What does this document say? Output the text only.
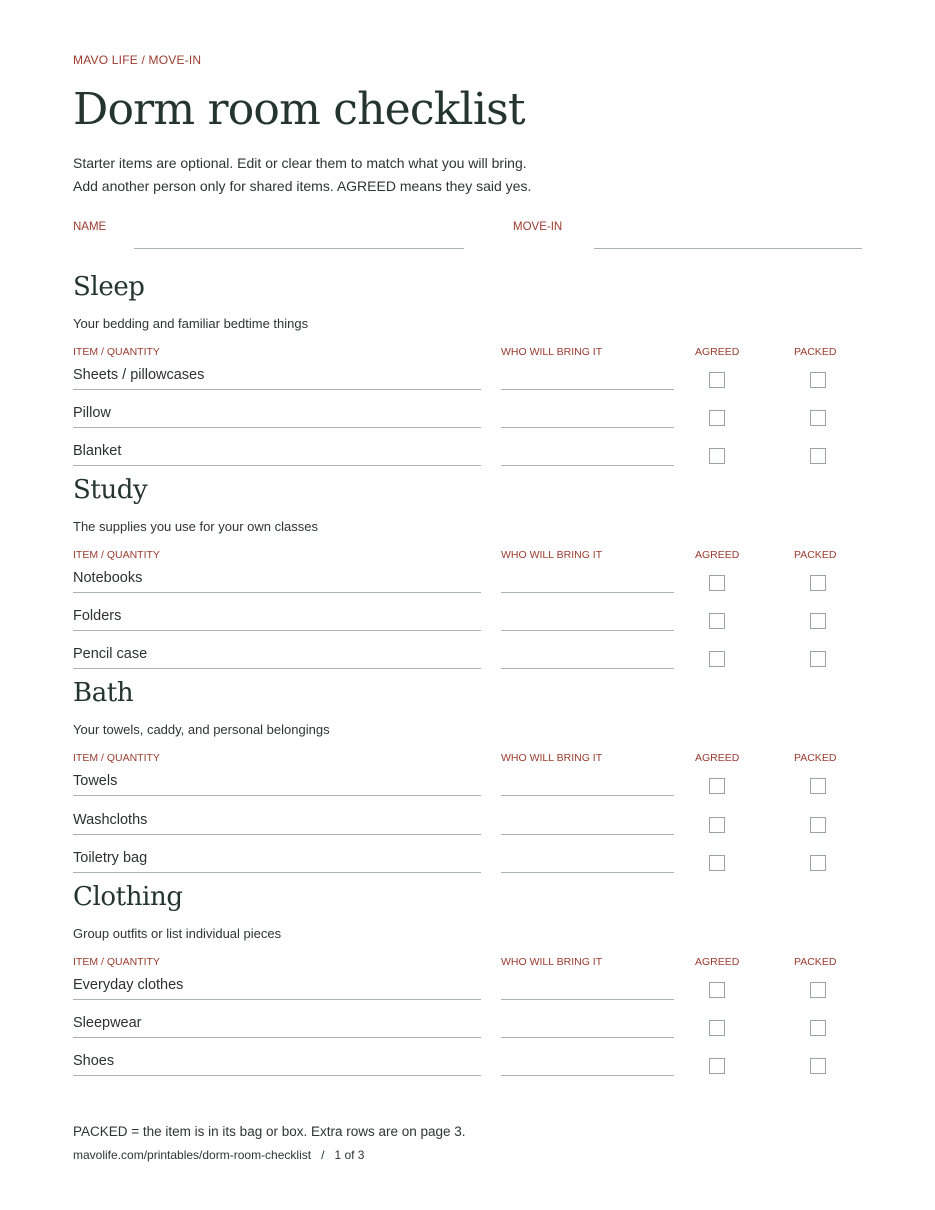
MAVO LIFE / MOVE-IN
Dorm room checklist
Starter items are optional. Edit or clear them to match what you will bring.
Add another person only for shared items. AGREED means they said yes.
NAME	MOVE-IN
Sleep
Your bedding and familiar bedtime things
ITEM / QUANTITY	WHO WILL BRING IT	AGREED	PACKED
Sheets / pillowcases
Pillow
Blanket
Study
The supplies you use for your own classes
ITEM / QUANTITY	WHO WILL BRING IT	AGREED	PACKED
Notebooks
Folders
Pencil case
Bath
Your towels, caddy, and personal belongings
ITEM / QUANTITY	WHO WILL BRING IT	AGREED	PACKED
Towels
Washcloths
Toiletry bag
Clothing
Group outfits or list individual pieces
ITEM / QUANTITY	WHO WILL BRING IT	AGREED	PACKED
Everyday clothes
Sleepwear
Shoes
PACKED = the item is in its bag or box. Extra rows are on page 3.
mavolife.com/printables/dorm-room-checklist / 1 of 3
